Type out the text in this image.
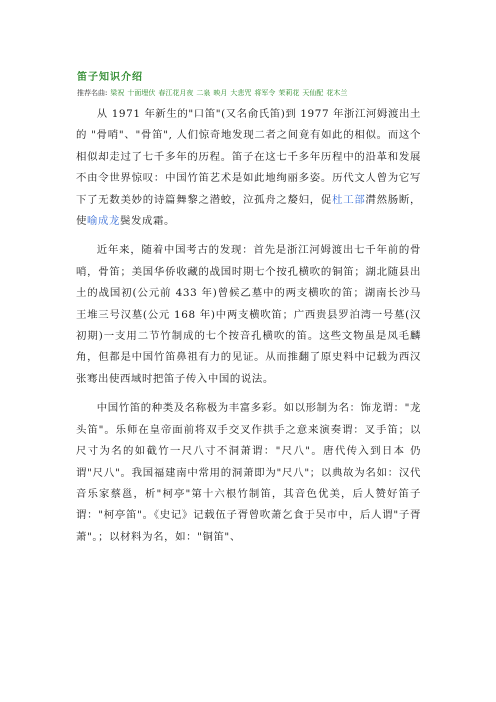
笛子知识介绍
推荐名曲: 梁祝 十面埋伏 春江花月夜 二泉 映月 大悲咒 将军令 茉莉花 天仙配 花木兰

从 1971 年新生的"口笛"(又名俞氏笛)到 1977 年浙江河姆渡出土的 "骨哨"、"骨笛", 人们惊奇地发现二者之间竟有如此的相似。而这个相似却走过了七千多年的历程。笛子在这七千多年历程中的沿革和发展不由令世界惊叹：中国竹笛艺术是如此地绚丽多姿。历代文人曾为它写下了无数美妙的诗篇舞黎之潜蛟，泣孤舟之嫠妇，促杜工部潸然肠断，使喻成龙鬓发成霜。

近年来，随着中国考古的发现：首先是浙江河姆渡出七千年前的骨哨，骨笛；美国华侨收藏的战国时期七个按孔横吹的铜笛；湖北随县出土的战国初(公元前 433 年)曾候乙墓中的两支横吹的笛；湖南长沙马王堆三号汉墓(公元 168 年)中两支横吹笛；广西贵县罗泊湾一号墓(汉初期)一支用二节竹制成的七个按音孔横吹的笛。这些文物虽是凤毛麟角，但都是中国竹笛鼻祖有力的见证。从而推翻了原史料中记载为西汉张骞出使西域时把笛子传入中国的说法。

中国竹笛的种类及名称极为丰富多彩。如以形制为名：饰龙谓："龙头笛"。乐师在皇帝面前将双手交叉作拱手之意来演奏谓：叉手笛；以尺寸为名的如截竹一尺八寸不洞萧谓："尺八"。唐代传入到日本 仍谓"尺八"。我国福建南中常用的洞萧即为"尺八"；以典故为名如：汉代音乐家蔡邕，析"柯亭"第十六根竹制笛，其音色优美，后人赞好笛子谓："柯亭笛"。《史记》记载伍子胥曾吹萧乞食于吴市中，后人谓"子胥萧"。；以材料为名，如："铜笛"、
